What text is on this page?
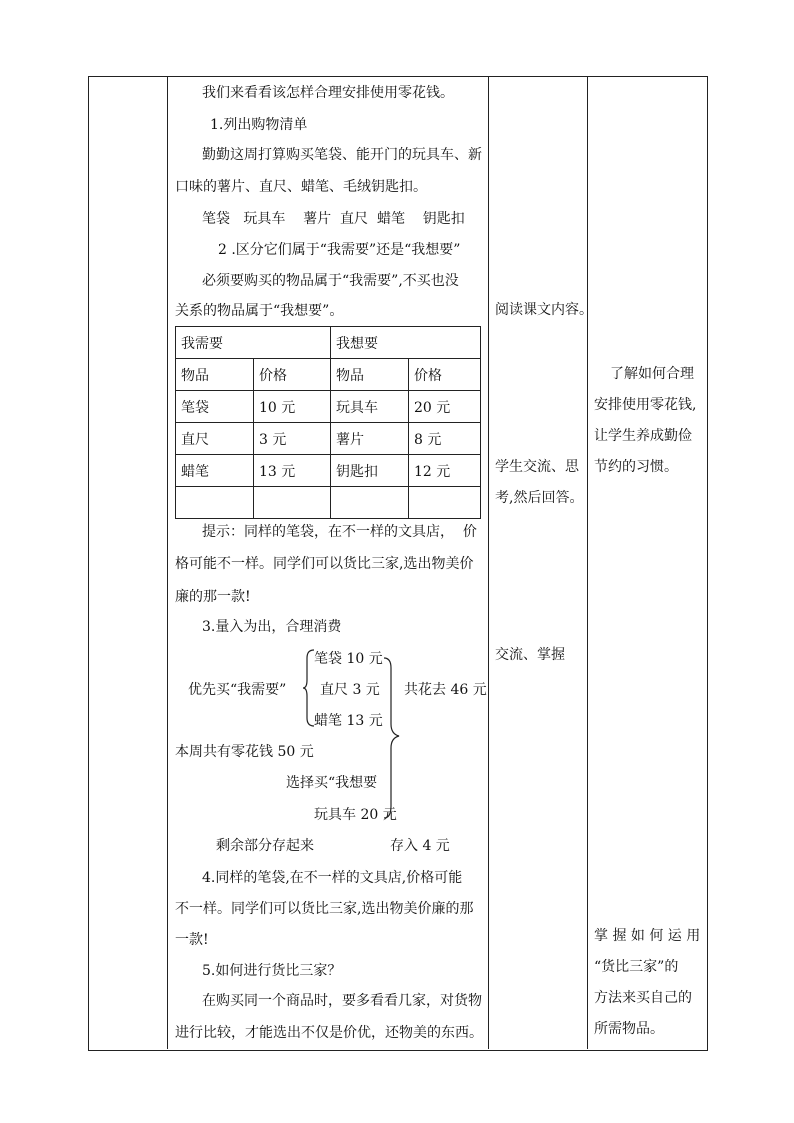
我们来看看该怎样合理安排使用零花钱。
1.列出购物清单
勤勤这周打算购买笔袋、能开门的玩具车、新
口味的薯片、直尺、蜡笔、毛绒钥匙扣。
笔袋   玩具车    薯片  直尺  蜡笔    钥匙扣
2 .区分它们属于“我需要”还是“我想要”
必须要购买的物品属于“我需要”,不买也没
关系的物品属于“我想要”。
我需要		我想要	
物品	价格	物品	价格
笔袋	10 元	玩具车	20 元
直尺	3 元	薯片	8 元
蜡笔	13 元	钥匙扣	12 元

提示：同样的笔袋，在不一样的文具店，  价
格可能不一样。同学们可以货比三家,选出物美价
廉的那一款!
3.量入为出，合理消费
笔袋 10 元
优先买“我需要” 直尺 3 元 共花去 46 元
蜡笔 13 元
本周共有零花钱 50 元
选择买“我想要
玩具车 20 元
剩余部分存起来	存入 4 元
4.同样的笔袋,在不一样的文具店,价格可能
不一样。同学们可以货比三家,选出物美价廉的那
一款!
5.如何进行货比三家？
在购买同一个商品时，要多看看几家，对货物
进行比较，才能选出不仅是价优，还物美的东西。
阅读课文内容。
学生交流、思
考,然后回答。
交流、掌握
了解如何合理
安排使用零花钱,
让学生养成勤俭
节约的习惯。
掌 握 如 何 运 用
“货比三家”的
方法来买自己的
所需物品。
